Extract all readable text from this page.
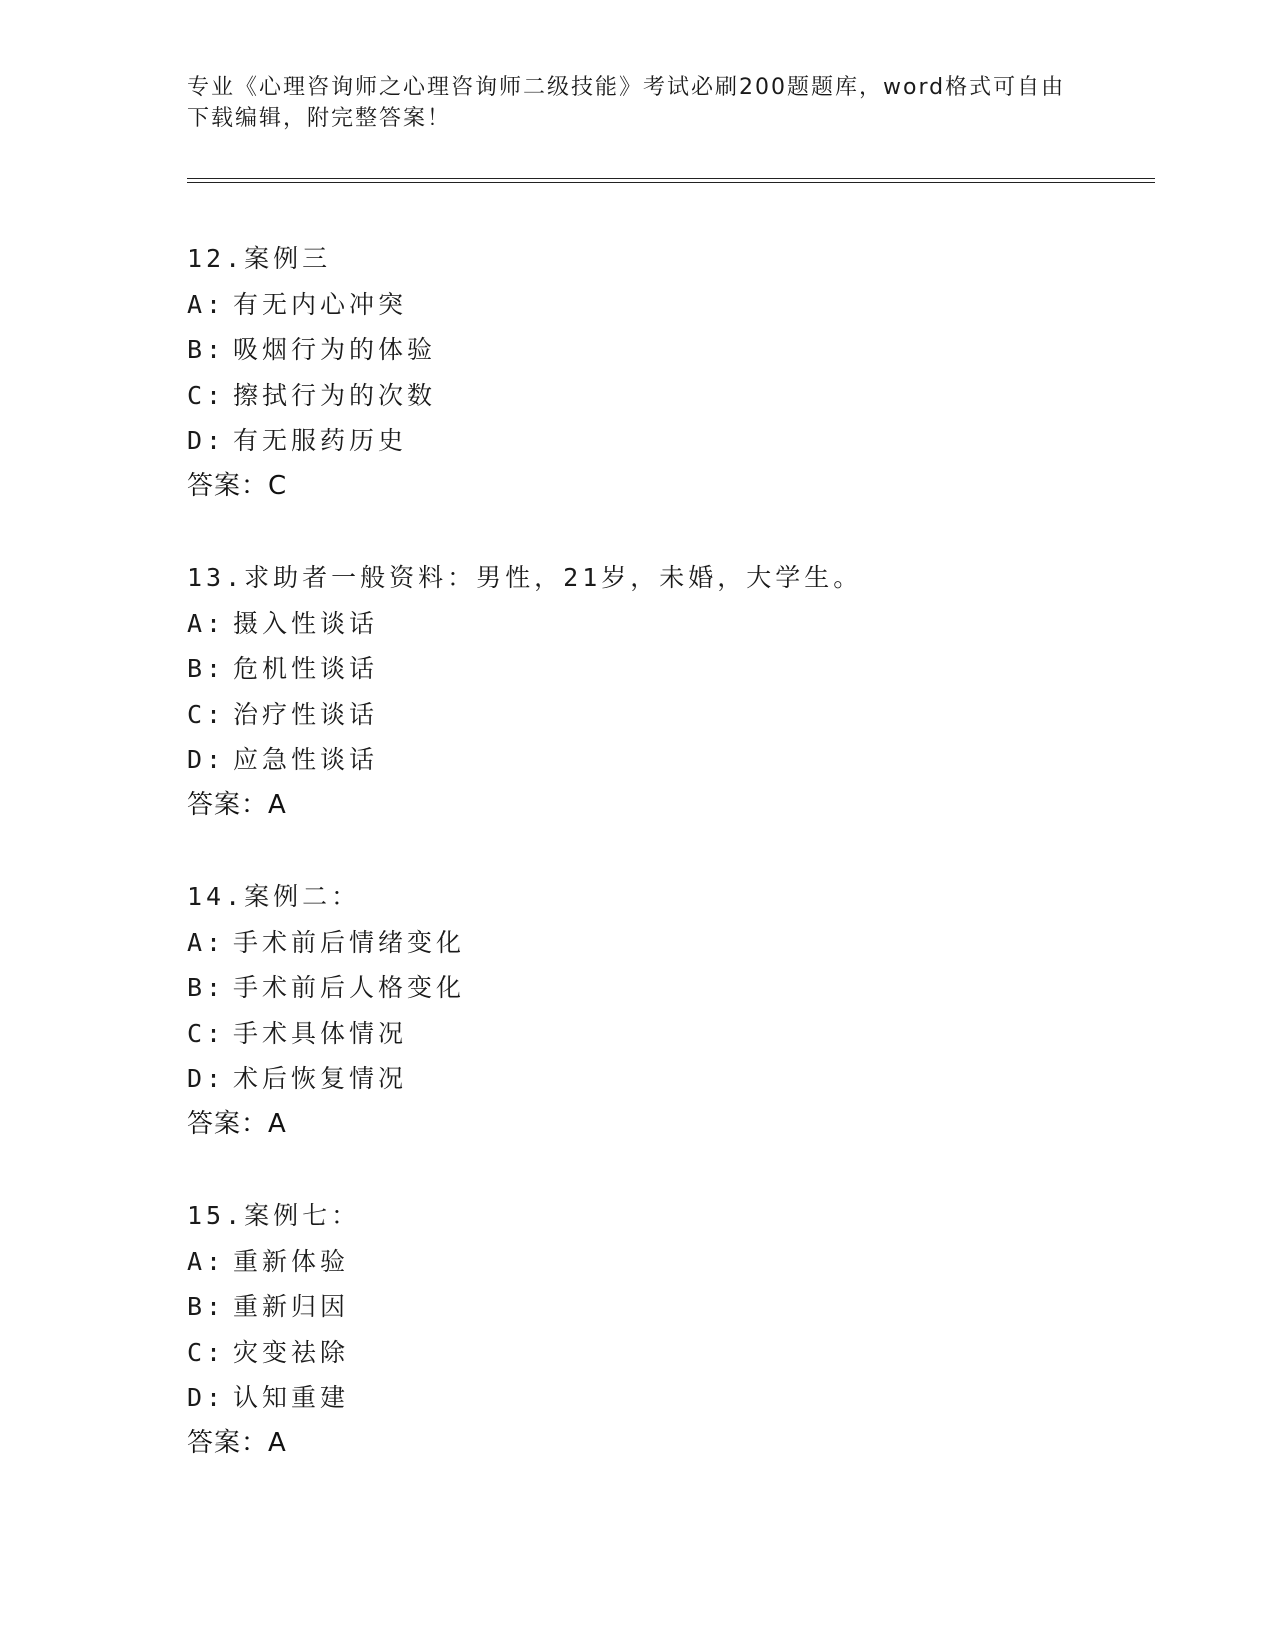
专业《心理咨询师之心理咨询师二级技能》考试必刷200题题库，word格式可自由下载编辑，附完整答案！
12.案例三
A: 有无内心冲突
B: 吸烟行为的体验
C: 擦拭行为的次数
D: 有无服药历史
答案：C
13.求助者一般资料：男性，21岁，未婚，大学生。
A: 摄入性谈话
B: 危机性谈话
C: 治疗性谈话
D: 应急性谈话
答案：A
14.案例二：
A: 手术前后情绪变化
B: 手术前后人格变化
C: 手术具体情况
D: 术后恢复情况
答案：A
15.案例七：
A: 重新体验
B: 重新归因
C: 灾变祛除
D: 认知重建
答案：A
